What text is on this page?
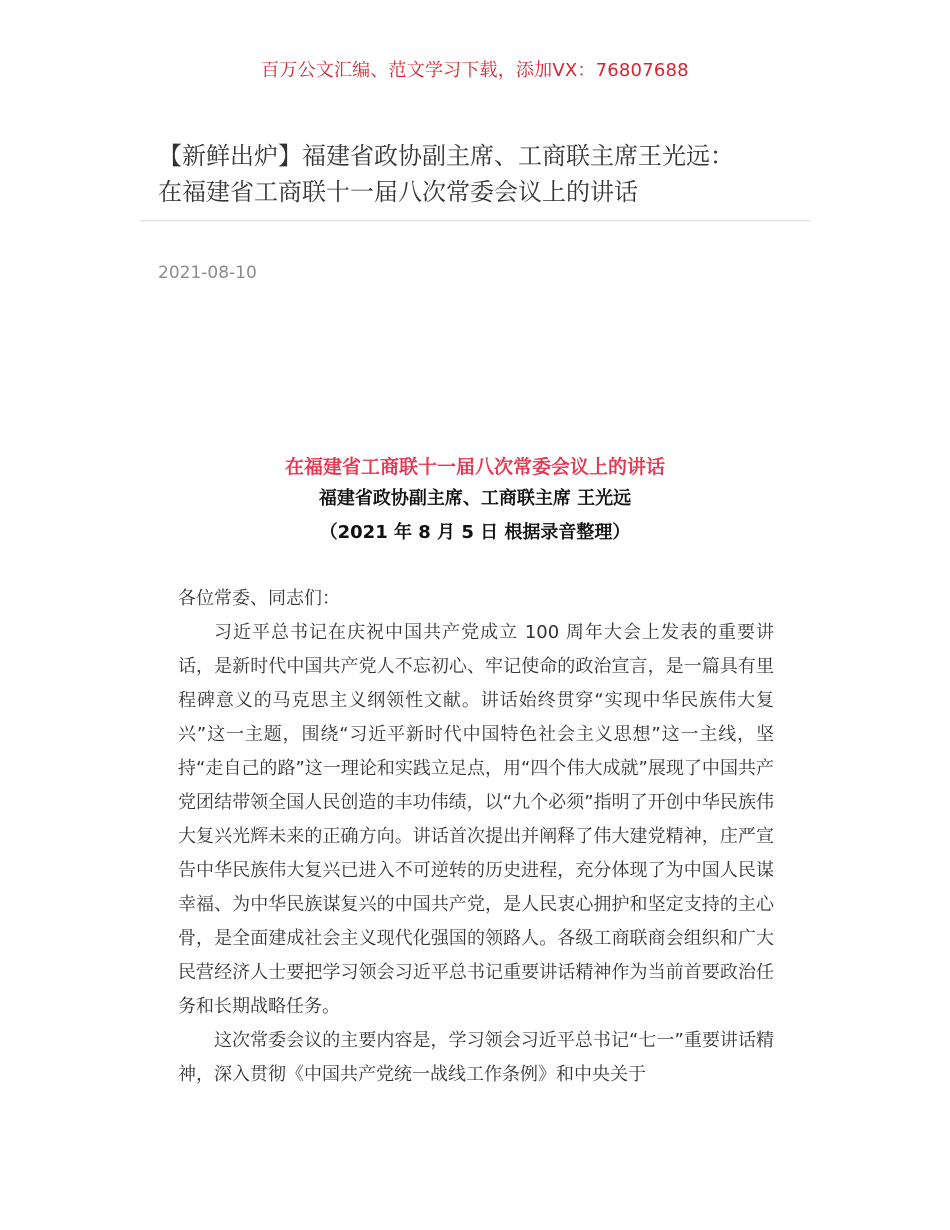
百万公文汇编、范文学习下载，添加VX：76807688
【新鲜出炉】福建省政协副主席、工商联主席王光远：
在福建省工商联十一届八次常委会议上的讲话
2021-08-10
在福建省工商联十一届八次常委会议上的讲话
福建省政协副主席、工商联主席 王光远
（2021 年 8 月 5 日 根据录音整理）

各位常委、同志们：

习近平总书记在庆祝中国共产党成立 100 周年大会上发表的重要讲话，是新时代中国共产党人不忘初心、牢记使命的政治宣言，是一篇具有里程碑意义的马克思主义纲领性文献。讲话始终贯穿“实现中华民族伟大复兴”这一主题，围绕“习近平新时代中国特色社会主义思想”这一主线，坚持“走自己的路”这一理论和实践立足点，用“四个伟大成就”展现了中国共产党团结带领全国人民创造的丰功伟绩，以“九个必须”指明了开创中华民族伟大复兴光辉未来的正确方向。讲话首次提出并阐释了伟大建党精神，庄严宣告中华民族伟大复兴已进入不可逆转的历史进程，充分体现了为中国人民谋幸福、为中华民族谋复兴的中国共产党，是人民衷心拥护和坚定支持的主心骨，是全面建成社会主义现代化强国的领路人。各级工商联商会组织和广大民营经济人士要把学习领会习近平总书记重要讲话精神作为当前首要政治任务和长期战略任务。

这次常委会议的主要内容是，学习领会习近平总书记“七一”重要讲话精神，深入贯彻《中国共产党统一战线工作条例》和中央关于
